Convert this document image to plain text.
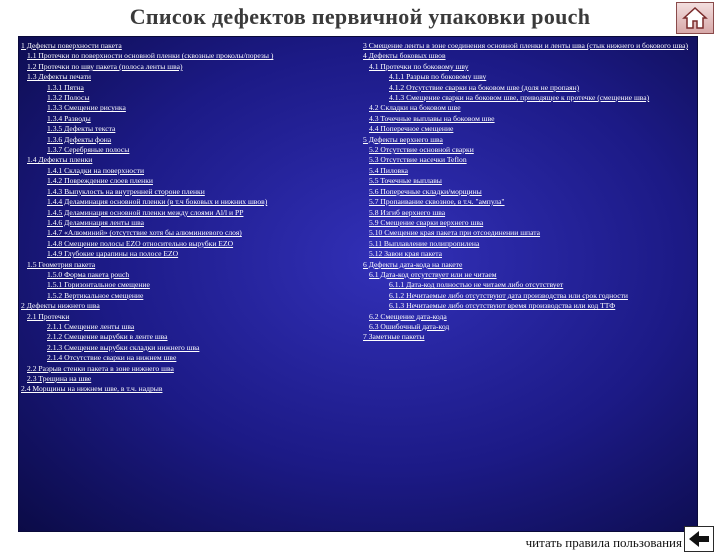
Список дефектов первичной упаковки pouch
1 Дефекты поверхности пакета
1.1 Протечки по поверхности основной пленки (сквозные проколы/порезы )
1.2 Протечки по шву пакета (полоса ленты шва)
1.3 Дефекты печати
1.3.1 Пятна
1.3.2 Полосы
1.3.3 Смещение рисунка
1.3.4 Разводы
1.3.5 Дефекты текста
1.3.6 Дефекты фона
1.3.7 Серебряные полосы
1.4 Дефекты пленки
1.4.1 Складки на поверхности
1.4.2 Повреждение слоев пленки
1.4.3 Выпуклость на внутренней стороне пленки
1.4.4 Деламинация основной пленки (в т.ч боковых и нижних швов)
1.4.5 Деламинация основной пленки между слоями Al/l и PP
1.4.6 Деламинация ленты шва
1.4.7 «Алюминий» (отсутствие хотя бы алюминиевого слоя)
1.4.8 Смещение полосы EZO относительно вырубки EZO
1.4.9 Глубокие царапины на полосе EZO
1.5 Геометрия пакета
1.5.0 Форма пакета pouch
1.5.1 Горизонтальное смещение
1.5.2 Вертикальное смещение
2 Дефекты нижнего шва
2.1 Протечки
2.1.1 Смещение ленты шва
2.1.2 Смещение вырубки в ленте шва
2.1.3 Смещение вырубки складки нижнего шва
2.1.4 Отсутствие сварки на нижнем шве
2.2 Разрыв стенки пакета в зоне нижнего шва
2.3 Трещина на шве
2.4 Морщины на нижнем шве, в т.ч. надрыв
3 Смещение ленты в зоне соединения основной пленки и ленты шва (стык нижнего и бокового шва)
4 Дефекты боковых швов
4.1 Протечки по боковому шву
4.1.1 Разрыв по боковому шву
4.1.2 Отсутствие сварки на боковом шве (доля не пропаян)
4.1.3 Смещение сварки на боковом шве, приводящее к протечке (смещение шва)
4.2 Складки на боковом шве
4.3 Точечные выплавы на боковом шве
4.4 Поперечное смещение
5 Дефекты верхнего шва
5.2 Отсутствие основной сварки
5.3 Отсутствие насечки Teflon
5.4 Пиловка
5.5 Точечные выплавы
5.6 Поперечные складки/морщины
5.7 Пропаивание сквозное, в т.ч. "ампула"
5.8 Изгиб верхнего шва
5.9 Смещение сварки верхнего шва
5.10 Смещение края пакета при отсоединении шпата
5.11 Выплавление полипропилена
5.12 Завои края пакета
6 Дефекты дата-кода на пакете
6.1 Дата-код отсутствует или не читаем
6.1.1 Дата-код полностью не читаем либо отсутствует
6.1.2 Нечитаемые либо отсутствуют дата производства или срок годности
6.1.3 Нечитаемые либо отсутствуют время производства или код ТТФ
6.2 Смещение дата-кода
6.3 Ошибочный дата-код
7 Заметные пакеты
читать правила пользования
